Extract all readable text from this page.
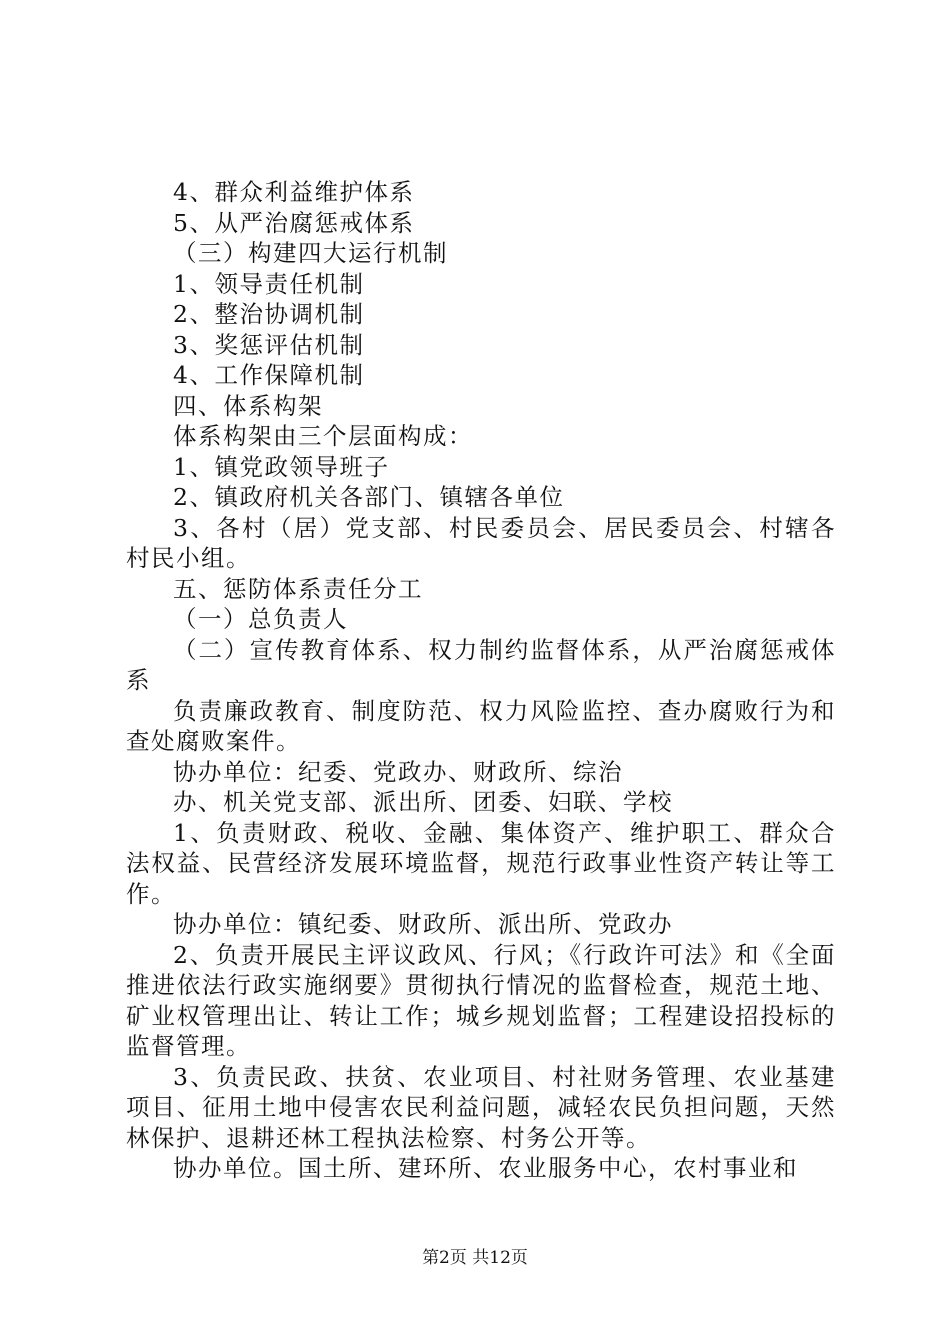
4、群众利益维护体系

5、从严治腐惩戒体系

（三）构建四大运行机制

1、领导责任机制

2、整治协调机制

3、奖惩评估机制

4、工作保障机制

四、体系构架

体系构架由三个层面构成：

1、镇党政领导班子

2、镇政府机关各部门、镇辖各单位

3、各村（居）党支部、村民委员会、居民委员会、村辖各村民小组。

五、惩防体系责任分工

（一）总负责人

（二）宣传教育体系、权力制约监督体系，从严治腐惩戒体系

负责廉政教育、制度防范、权力风险监控、查办腐败行为和查处腐败案件。

协办单位：纪委、党政办、财政所、综治

办、机关党支部、派出所、团委、妇联、学校

1、负责财政、税收、金融、集体资产、维护职工、群众合法权益、民营经济发展环境监督，规范行政事业性资产转让等工作。

协办单位：镇纪委、财政所、派出所、党政办

2、负责开展民主评议政风、行风；《行政许可法》和《全面推进依法行政实施纲要》贯彻执行情况的监督检查，规范土地、矿业权管理出让、转让工作；城乡规划监督；工程建设招投标的监督管理。

3、负责民政、扶贫、农业项目、村社财务管理、农业基建项目、征用土地中侵害农民利益问题，减轻农民负担问题，天然林保护、退耕还林工程执法检察、村务公开等。

协办单位。国土所、建环所、农业服务中心，农村事业和

第2页 共12页
